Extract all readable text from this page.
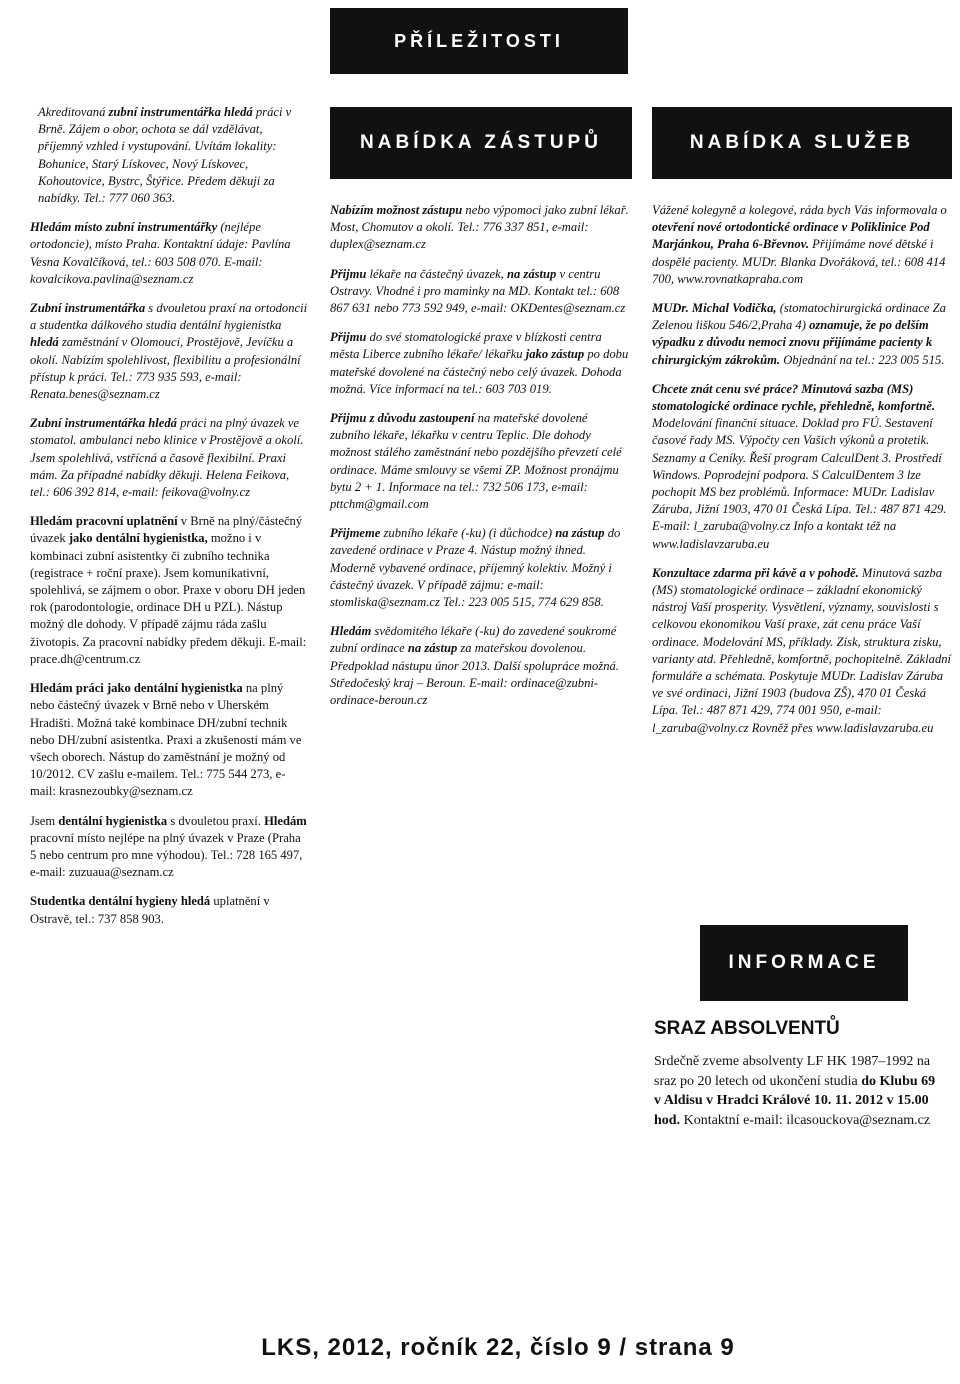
PŘÍLEŽITOSTI
NABÍDKA ZÁSTUPŮ	NABÍDKA SLUŽEB
INFORMACE
Akreditovaná zubní instrumentářka hledá práci v Brně. Zájem o obor, ochota se dál vzdělávat, příjemný vzhled i vystupování. Uvítám lokality: Bohunice, Starý Lískovec, Nový Lískovec, Kohoutovice, Bystrc, Štýřice. Předem děkuji za nabídky. Tel.: 777 060 363.
Hledám místo zubní instrumentářky (nejlépe ortodoncie), místo Praha. Kontaktní údaje: Pavlína Vesna Kovalčíková, tel.: 603 508 070. E-mail: kovalcikova.pavlina@seznam.cz
Zubní instrumentářka s dvouletou praxí na ortodoncii a studentka dálkového studia dentální hygienistka hledá zaměstnání v Olomouci, Prostějově, Jevíčku a okolí. Nabízím spolehlivost, flexibilitu a profesionální přístup k práci. Tel.: 773 935 593, e-mail: Renata.benes@seznam.cz
Zubní instrumentářka hledá práci na plný úvazek ve stomatol. ambulanci nebo klinice v Prostějově a okolí. Jsem spolehlivá, vstřícná a časově flexibilní. Praxi mám. Za případné nabídky děkuji. Helena Feikova, tel.: 606 392 814, e-mail: feikova@volny.cz
Hledám pracovní uplatnění v Brně na plný/částečný úvazek jako dentální hygienistka, možno i v kombinaci zubní asistentky či zubního technika (registrace + roční praxe). Jsem komunikativní, spolehlivá, se zájmem o obor. Praxe v oboru DH jeden rok (parodontologie, ordinace DH u PZL). Nástup možný dle dohody. V případě zájmu ráda zašlu životopis. Za pracovní nabídky předem děkuji. E-mail: prace.dh@centrum.cz
Hledám práci jako dentální hygienistka na plný nebo částečný úvazek v Brně nebo v Uherském Hradišti. Možná také kombinace DH/zubní technik nebo DH/zubní asistentka. Praxi a zkušenosti mám ve všech oborech. Nástup do zaměstnání je možný od 10/2012. CV zašlu e-mailem. Tel.: 775 544 273, e-mail: krasnezoubky@seznam.cz
Jsem dentální hygienistka s dvouletou praxí. Hledám pracovní místo nejlépe na plný úvazek v Praze (Praha 5 nebo centrum pro mne výhodou). Tel.: 728 165 497, e-mail: zuzuaua@seznam.cz
Studentka dentální hygieny hledá uplatnění v Ostravě, tel.: 737 858 903.
Nabízím možnost zástupu nebo výpomoci jako zubní lékař. Most, Chomutov a okolí. Tel.: 776 337 851, e-mail: duplex@seznam.cz
Přijmu lékaře na částečný úvazek, na zástup v centru Ostravy. Vhodné i pro maminky na MD. Kontakt tel.: 608 867 631 nebo 773 592 949, e-mail: OKDentes@seznam.cz
Přijmu do své stomatologické praxe v blízkosti centra města Liberce zubního lékaře/ lékařku jako zástup po dobu mateřské dovolené na částečný nebo celý úvazek. Dohoda možná. Více informací na tel.: 603 703 019.
Přijmu z důvodu zastoupení na mateřské dovolené zubního lékaře, lékařku v centru Teplic. Dle dohody možnost stálého zaměstnání nebo pozdějšího převzetí celé ordinace. Máme smlouvy se všemi ZP. Možnost pronájmu bytu 2 + 1. Informace na tel.: 732 506 173, e-mail: pttchm@gmail.com
Přijmeme zubního lékaře (-ku) (i důchodce) na zástup do zavedené ordinace v Praze 4. Nástup možný ihned. Moderně vybavené ordinace, příjemný kolektiv. Možný i částečný úvazek. V případě zájmu: e-mail: stomliska@seznam.cz Tel.: 223 005 515, 774 629 858.
Hledám svědomitého lékaře (-ku) do zavedené soukromé zubní ordinace na zástup za mateřskou dovolenou. Předpoklad nástupu únor 2013. Další spolupráce možná. Středočeský kraj – Beroun. E-mail: ordinace@zubni-ordinace-beroun.cz
Vážené kolegyně a kolegové, ráda bych Vás informovala o otevření nové ortodontické ordinace v Poliklinice Pod Marjánkou, Praha 6-Břevnov. Přijímáme nové dětské i dospělé pacienty. MUDr. Blanka Dvořáková, tel.: 608 414 700, www.rovnatkapraha.com
MUDr. Michal Vodička, (stomatochirurgická ordinace Za Zelenou liškou 546/2,Praha 4) oznamuje, že po delším výpadku z důvodu nemoci znovu přijímáme pacienty k chirurgickým zákrokům. Objednání na tel.: 223 005 515.
Chcete znát cenu své práce? Minutová sazba (MS) stomatologické ordinace rychle, přehledně, komfortně. Modelování finanční situace. Doklad pro FÚ. Sestavení časové řady MS. Výpočty cen Vašich výkonů a protetik. Seznamy a Ceníky. Řeší program CalculDent 3. Prostředí Windows. Poprodejní podpora. S CalculDentem 3 lze pochopit MS bez problémů. Informace: MUDr. Ladislav Záruba, Jižní 1903, 470 01 Česká Lípa. Tel.: 487 871 429. E-mail: l_zaruba@volny.cz Info a kontakt též na www.ladislavzaruba.eu
Konzultace zdarma při kávě a v pohodě. Minutová sazba (MS) stomatologické ordinace – základní ekonomický nástroj Vaší prosperity. Vysvětlení, významy, souvislosti s celkovou ekonomikou Vaší praxe, zát cenu práce Vaší ordinace. Modelování MS, příklady. Zisk, struktura zisku, varianty atd. Přehledně, komfortně, pochopitelně. Základní formuláře a schémata. Poskytuje MUDr. Ladislav Záruba ve své ordinaci, Jižní 1903 (budova ZŠ), 470 01 Česká Lípa. Tel.: 487 871 429, 774 001 950, e-mail: l_zaruba@volny.cz Rovněž přes www.ladislavzaruba.eu
SRAZ ABSOLVENTŮ
Srdečně zveme absolventy LF HK 1987–1992 na sraz po 20 letech od ukončení studia do Klubu 69 v Aldisu v Hradci Králové 10. 11. 2012 v 15.00 hod. Kontaktní e-mail: ilcasouckova@seznam.cz
LKS, 2012, ročník 22, číslo 9 / strana 9
